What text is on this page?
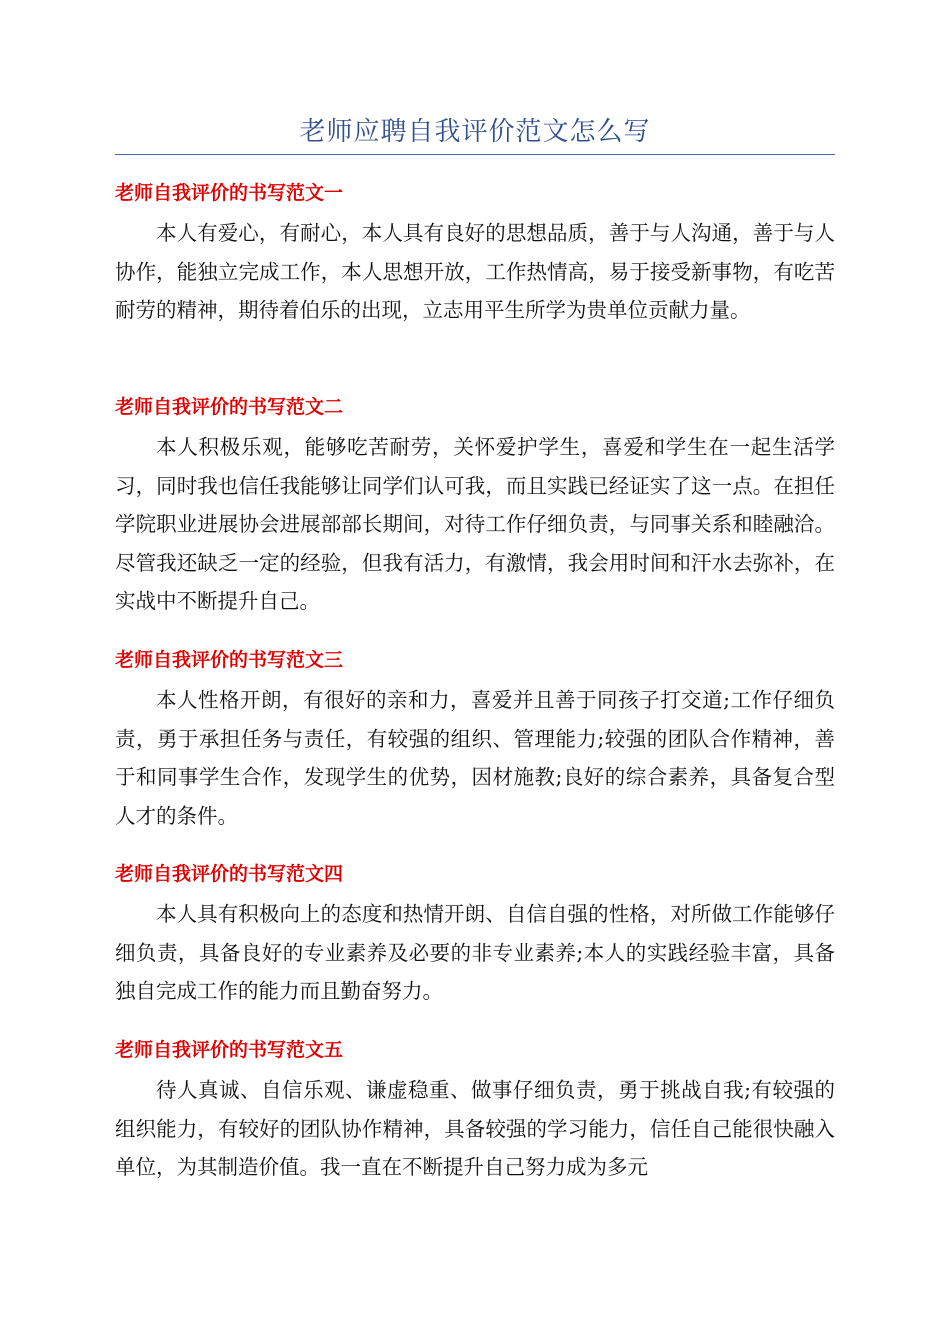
老师应聘自我评价范文怎么写
老师自我评价的书写范文一

本人有爱心，有耐心，本人具有良好的思想品质，善于与人沟通，善于与人协作，能独立完成工作，本人思想开放，工作热情高，易于接受新事物，有吃苦耐劳的精神，期待着伯乐的出现，立志用平生所学为贵单位贡献力量。

老师自我评价的书写范文二

本人积极乐观，能够吃苦耐劳，关怀爱护学生，喜爱和学生在一起生活学习，同时我也信任我能够让同学们认可我，而且实践已经证实了这一点。在担任学院职业进展协会进展部部长期间，对待工作仔细负责，与同事关系和睦融洽。尽管我还缺乏一定的经验，但我有活力，有激情，我会用时间和汗水去弥补，在实战中不断提升自己。

老师自我评价的书写范文三

本人性格开朗，有很好的亲和力，喜爱并且善于同孩子打交道;工作仔细负责，勇于承担任务与责任，有较强的组织、管理能力;较强的团队合作精神，善于和同事学生合作，发现学生的优势，因材施教;良好的综合素养，具备复合型人才的条件。

老师自我评价的书写范文四

本人具有积极向上的态度和热情开朗、自信自强的性格，对所做工作能够仔细负责，具备良好的专业素养及必要的非专业素养;本人的实践经验丰富，具备独自完成工作的能力而且勤奋努力。

老师自我评价的书写范文五

待人真诚、自信乐观、谦虚稳重、做事仔细负责，勇于挑战自我;有较强的组织能力，有较好的团队协作精神，具备较强的学习能力，信任自己能很快融入单位，为其制造价值。我一直在不断提升自己努力成为多元
